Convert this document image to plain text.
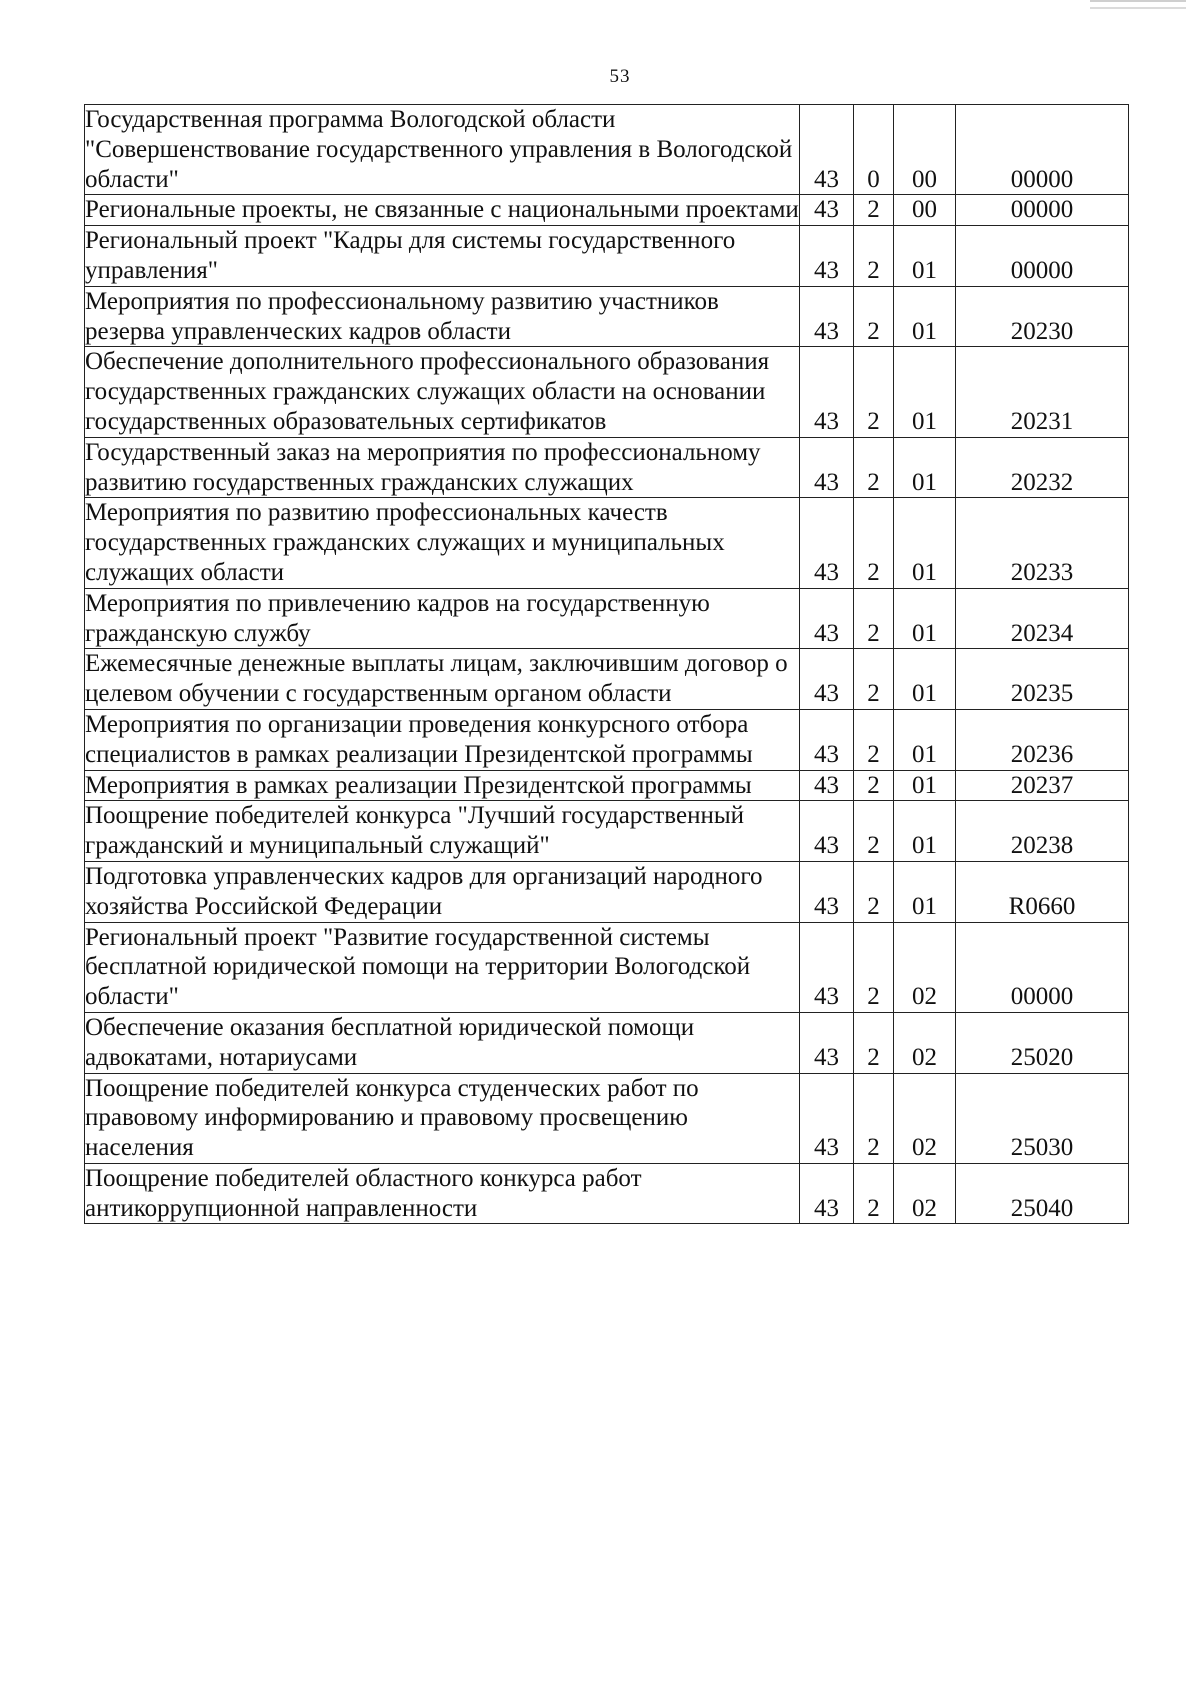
53
Государственная программа Вологодской области "Совершенствование государственного управления в Вологодской области"	43	0	00	00000
Региональные проекты, не связанные с национальными проектами	43	2	00	00000
Региональный проект "Кадры для системы государственного управления"	43	2	01	00000
Мероприятия по профессиональному развитию участников резерва управленческих кадров области	43	2	01	20230
Обеспечение дополнительного профессионального образования государственных гражданских служащих области на основании государственных образовательных сертификатов	43	2	01	20231
Государственный заказ на мероприятия по профессиональному развитию государственных гражданских служащих	43	2	01	20232
Мероприятия по развитию профессиональных качеств государственных гражданских служащих и муниципальных служащих области	43	2	01	20233
Мероприятия по привлечению кадров на государственную гражданскую службу	43	2	01	20234
Ежемесячные денежные выплаты лицам, заключившим договор о целевом обучении с государственным органом области	43	2	01	20235
Мероприятия по организации проведения конкурсного отбора специалистов в рамках реализации Президентской программы	43	2	01	20236
Мероприятия в рамках реализации Президентской программы	43	2	01	20237
Поощрение победителей конкурса "Лучший государственный гражданский и муниципальный служащий"	43	2	01	20238
Подготовка управленческих кадров для организаций народного хозяйства Российской Федерации	43	2	01	R0660
Региональный проект "Развитие государственной системы бесплатной юридической помощи на территории Вологодской области"	43	2	02	00000
Обеспечение оказания бесплатной юридической помощи адвокатами, нотариусами	43	2	02	25020
Поощрение победителей конкурса студенческих работ по правовому информированию и правовому просвещению населения	43	2	02	25030
Поощрение победителей областного конкурса работ антикоррупционной направленности	43	2	02	25040
